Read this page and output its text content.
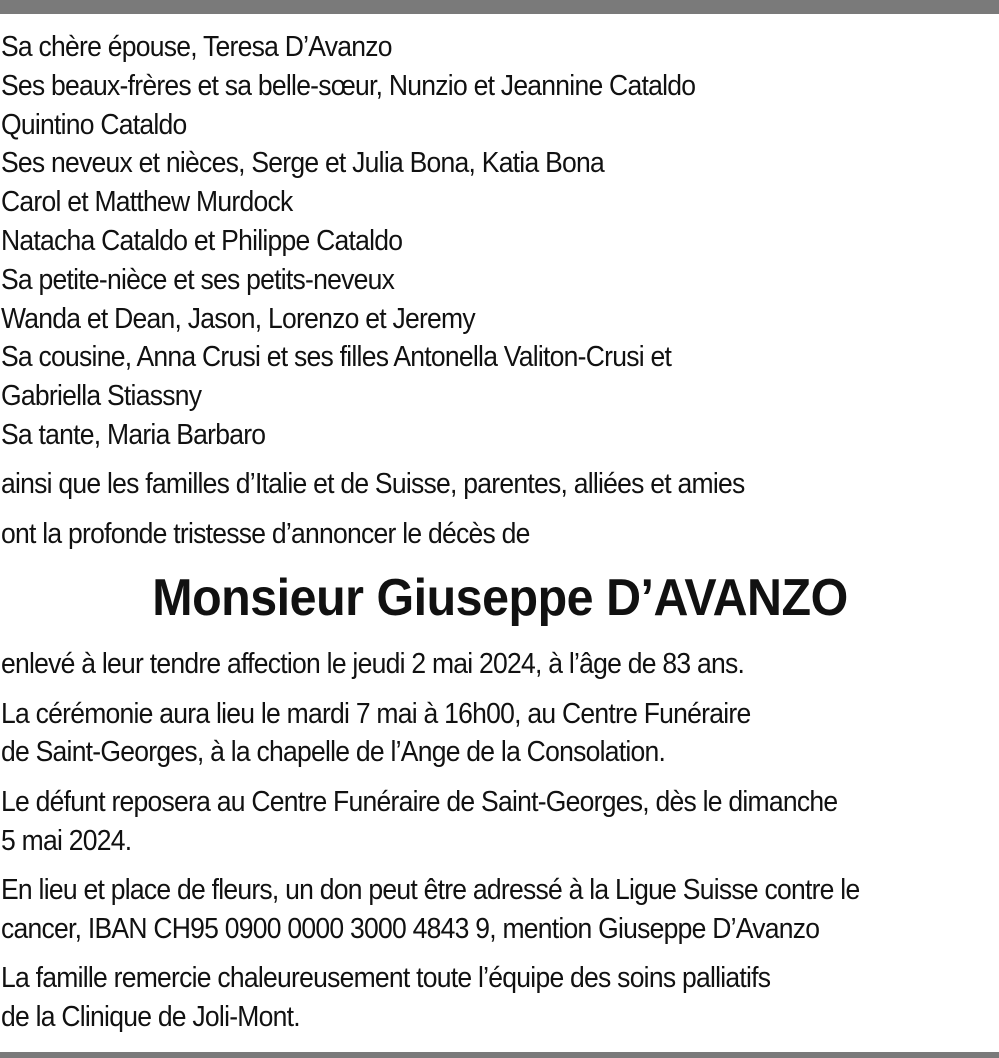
Sa chère épouse, Teresa D’Avanzo
Ses beaux-frères et sa belle-sœur, Nunzio et Jeannine Cataldo
Quintino Cataldo
Ses neveux et nièces, Serge et Julia Bona, Katia Bona
Carol et Matthew Murdock
Natacha Cataldo et Philippe Cataldo
Sa petite-nièce et ses petits-neveux
Wanda et Dean, Jason, Lorenzo et Jeremy
Sa cousine, Anna Crusi et ses filles Antonella Valiton-Crusi et
Gabriella Stiassny
Sa tante, Maria Barbaro
ainsi que les familles d’Italie et de Suisse, parentes, alliées et amies
ont la profonde tristesse d’annoncer le décès de
Monsieur Giuseppe D’AVANZO
enlevé à leur tendre affection le jeudi 2 mai 2024, à l’âge de 83 ans.
La cérémonie aura lieu le mardi 7 mai à 16h00, au Centre Funéraire
de Saint-Georges, à la chapelle de l’Ange de la Consolation.
Le défunt reposera au Centre Funéraire de Saint-Georges, dès le dimanche
5 mai 2024.
En lieu et place de fleurs, un don peut être adressé à la Ligue Suisse contre le
cancer, IBAN CH95 0900 0000 3000 4843 9, mention Giuseppe D’Avanzo
La famille remercie chaleureusement toute l’équipe des soins palliatifs
de la Clinique de Joli-Mont.
